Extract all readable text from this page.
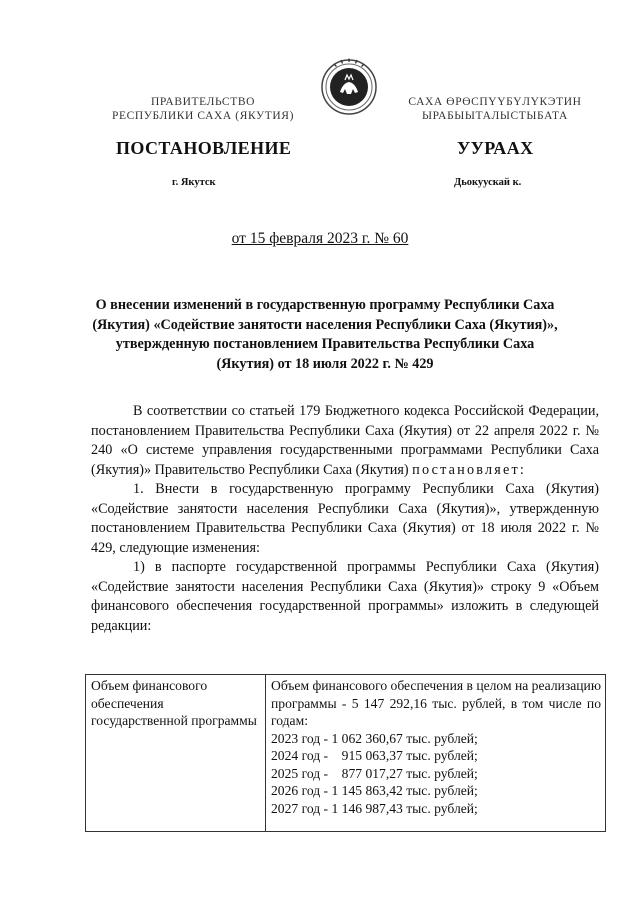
ПРАВИТЕЛЬСТВО
РЕСПУБЛИКИ САХА (ЯКУТИЯ)
САХА ӨРӨСПҮҮБҮЛҮКЭТИН
ЫРАБЫЫТАЛЫСТЫБАТА
ПОСТАНОВЛЕНИЕ	УУРААХ
г. Якутск	Дьокуускай к.
от 15 февраля 2023 г. № 60
О внесении изменений в государственную программу Республики Саха (Якутия) «Содействие занятости населения Республики Саха (Якутия)», утвержденную постановлением Правительства Республики Саха (Якутия) от 18 июля 2022 г. № 429

В соответствии со статьей 179 Бюджетного кодекса Российской Федерации, постановлением Правительства Республики Саха (Якутия) от 22 апреля 2022 г. № 240 «О системе управления государственными программами Республики Саха (Якутия)» Правительство Республики Саха (Якутия) постановляет:

1. Внести в государственную программу Республики Саха (Якутия) «Содействие занятости населения Республики Саха (Якутия)», утвержденную постановлением Правительства Республики Саха (Якутия) от 18 июля 2022 г. № 429, следующие изменения:

1) в паспорте государственной программы Республики Саха (Якутия) «Содействие занятости населения Республики Саха (Якутия)» строку 9 «Объем финансового обеспечения государственной программы» изложить в следующей редакции:

Объем финансового обеспечения государственной программы	Объем финансового обеспечения в целом на реализацию программы - 5 147 292,16 тыс. рублей, в том числе по годам:
2023 год - 1 062 360,67 тыс. рублей;
2024 год -    915 063,37 тыс. рублей;
2025 год -    877 017,27 тыс. рублей;
2026 год - 1 145 863,42 тыс. рублей;
2027 год - 1 146 987,43 тыс. рублей;
